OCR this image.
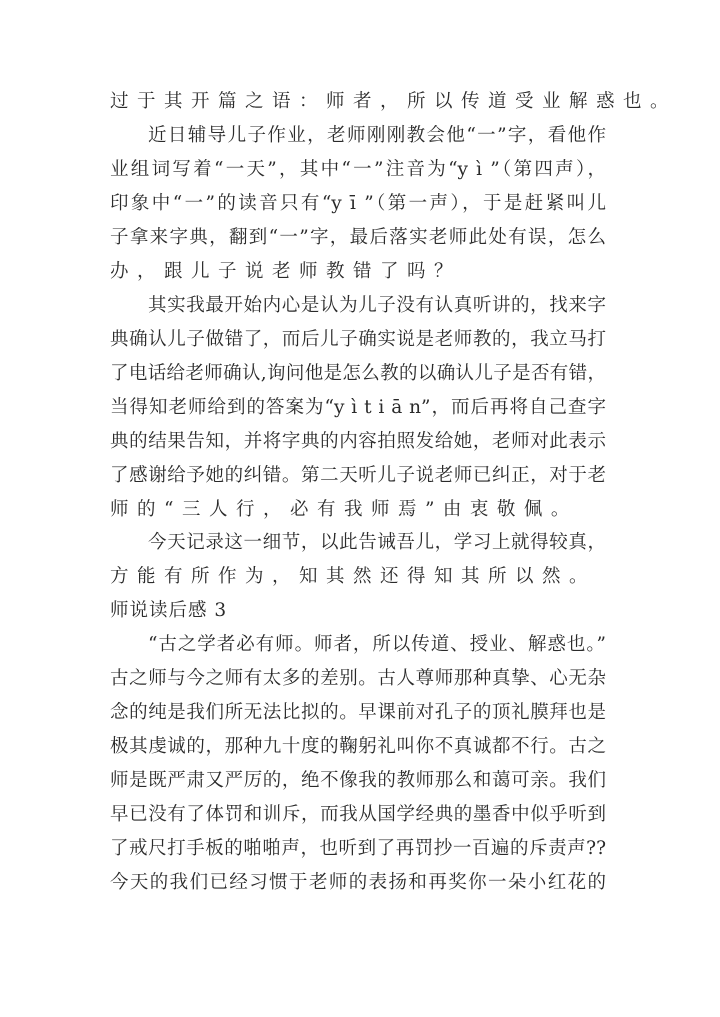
过于其开篇之语：师者，所以传道受业解惑也。
近日辅导儿子作业，老师刚刚教会他“一”字，看他作
业组词写着“一天”，其中“一”注音为“y ì ”（第四声），
印象中“一”的读音只有“y ī ”（第一声），于是赶紧叫儿
子拿来字典，翻到“一”字，最后落实老师此处有误，怎么
办，跟儿子说老师教错了吗？
其实我最开始内心是认为儿子没有认真听讲的，找来字
典确认儿子做错了，而后儿子确实说是老师教的，我立马打
了电话给老师确认,询问他是怎么教的以确认儿子是否有错，
当得知老师给到的答案为“y ì t i ā n”，而后再将自己查字
典的结果告知，并将字典的内容拍照发给她，老师对此表示
了感谢给予她的纠错。第二天听儿子说老师已纠正，对于老
师的“三人行，必有我师焉”由衷敬佩。
今天记录这一细节，以此告诫吾儿，学习上就得较真，
方能有所作为，知其然还得知其所以然。
师说读后感 3
“古之学者必有师。师者，所以传道、授业、解惑也。”
古之师与今之师有太多的差别。古人尊师那种真挚、心无杂
念的纯是我们所无法比拟的。早课前对孔子的顶礼膜拜也是
极其虔诚的，那种九十度的鞠躬礼叫你不真诚都不行。古之
师是既严肃又严厉的，绝不像我的教师那么和蔼可亲。我们
早已没有了体罚和训斥，而我从国学经典的墨香中似乎听到
了戒尺打手板的啪啪声，也听到了再罚抄一百遍的斥责声??
今天的我们已经习惯于老师的表扬和再奖你一朵小红花的
